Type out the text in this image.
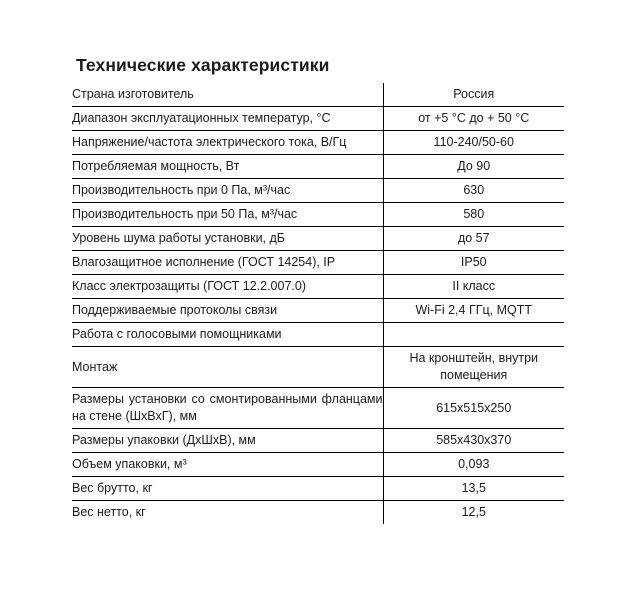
Технические характеристики
Страна изготовитель	Россия
Диапазон эксплуатационных температур, °С	от +5 °С до + 50 °С
Напряжение/частота электрического тока, В/Гц	110-240/50-60
Потребляемая мощность, Вт	До 90
Производительность при 0 Па, м³/час	630
Производительность при 50 Па, м³/час	580
Уровень шума работы установки, дБ	до 57
Влагозащитное исполнение (ГОСТ 14254), IP	IP50
Класс электрозащиты (ГОСТ 12.2.007.0)	II класс
Поддерживаемые протоколы связи	Wi-Fi 2,4 ГГц, MQTT
Работа с голосовыми помощниками	
Монтаж	На кронштейн, внутри помещения
Размеры установки со смонтированными фланцами на стене (ШхВхГ), мм	615x515x250
Размеры упаковки (ДхШхВ), мм	585x430x370
Объем упаковки, м³	0,093
Вес брутто, кг	13,5
Вес нетто, кг	12,5
